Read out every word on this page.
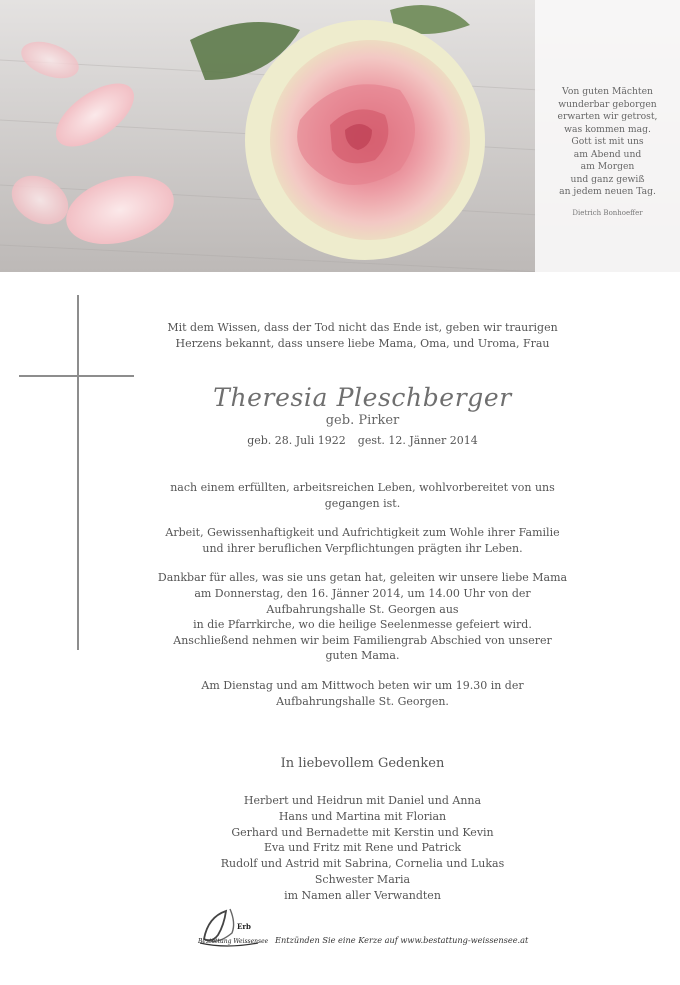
Von guten Mächten
wunderbar geborgen
erwarten wir getrost,
was kommen mag.
Gott ist mit uns
am Abend und
am Morgen
und ganz gewiß
an jedem neuen Tag.
Dietrich Bonhoeffer
Mit dem Wissen, dass der Tod nicht das Ende ist, geben wir traurigen
Herzens bekannt, dass unsere liebe Mama, Oma, und Uroma, Frau
Theresia Pleschberger
geb. Pirker
geb. 28. Juli 1922 gest. 12. Jänner 2014
nach einem erfüllten, arbeitsreichen Leben, wohlvorbereitet von uns
gegangen ist.
Arbeit, Gewissenhaftigkeit und Aufrichtigkeit zum Wohle ihrer Familie
und ihrer beruflichen Verpflichtungen prägten ihr Leben.
Dankbar für alles, was sie uns getan hat, geleiten wir unsere liebe Mama
am Donnerstag, den 16. Jänner 2014, um 14.00 Uhr von der
Aufbahrungshalle St. Georgen aus
in die Pfarrkirche, wo die heilige Seelenmesse gefeiert wird.
Anschließend nehmen wir beim Familiengrab Abschied von unserer
guten Mama.
Am Dienstag und am Mittwoch beten wir um 19.30 in der
Aufbahrungshalle St. Georgen.
In liebevollem Gedenken
Herbert und Heidrun mit Daniel und Anna
Hans und Martina mit Florian
Gerhard und Bernadette mit Kerstin und Kevin
Eva und Fritz mit Rene und Patrick
Rudolf und Astrid mit Sabrina, Cornelia und Lukas
Schwester Maria
im Namen aller Verwandten
Erb
Bestattung Weissensee Entzünden Sie eine Kerze auf www.bestattung-weissensee.at
